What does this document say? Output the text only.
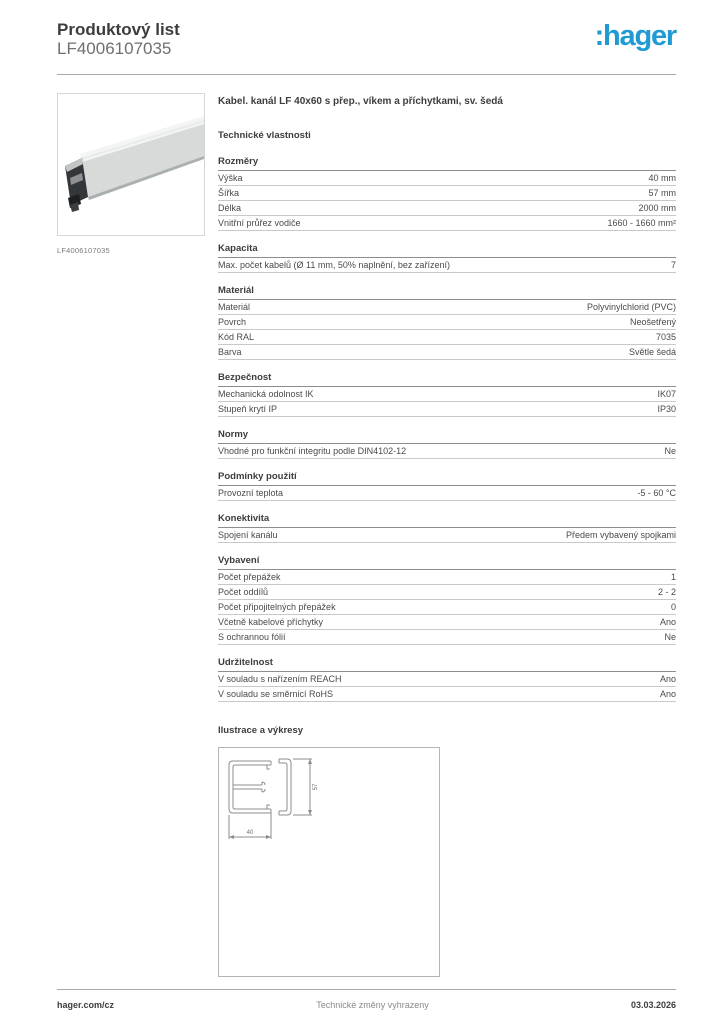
Produktový list
LF4006107035	:hager
LF4006107035
Kabel. kanál LF 40x60 s přep., víkem a příchytkami, sv. šedá
Technické vlastnosti
Rozměry
Výška	40 mm
Šířka	57 mm
Délka	2000 mm
Vnitřní průřez vodiče	1660 - 1660 mm²
Kapacita
Max. počet kabelů (Ø 11 mm, 50% naplnění, bez zařízení)	7
Materiál
Materiál	Polyvinylchlorid (PVC)
Povrch	Neošetřený
Kód RAL	7035
Barva	Světle šedá
Bezpečnost
Mechanická odolnost IK	IK07
Stupeň krytí IP	IP30
Normy
Vhodné pro funkční integritu podle DIN4102-12	Ne
Podmínky použití
Provozní teplota	-5 - 60 °C
Konektivita
Spojení kanálu	Předem vybavený spojkami
Vybavení
Počet přepážek	1
Počet oddílů	2 - 2
Počet připojitelných přepážek	0
Včetně kabelové příchytky	Ano
S ochrannou fólií	Ne
Udržitelnost
V souladu s nařízením REACH	Ano
V souladu se směrnicí RoHS	Ano
Ilustrace a výkresy
40
57
hager.com/cz	Technické změny vyhrazeny	03.03.2026
